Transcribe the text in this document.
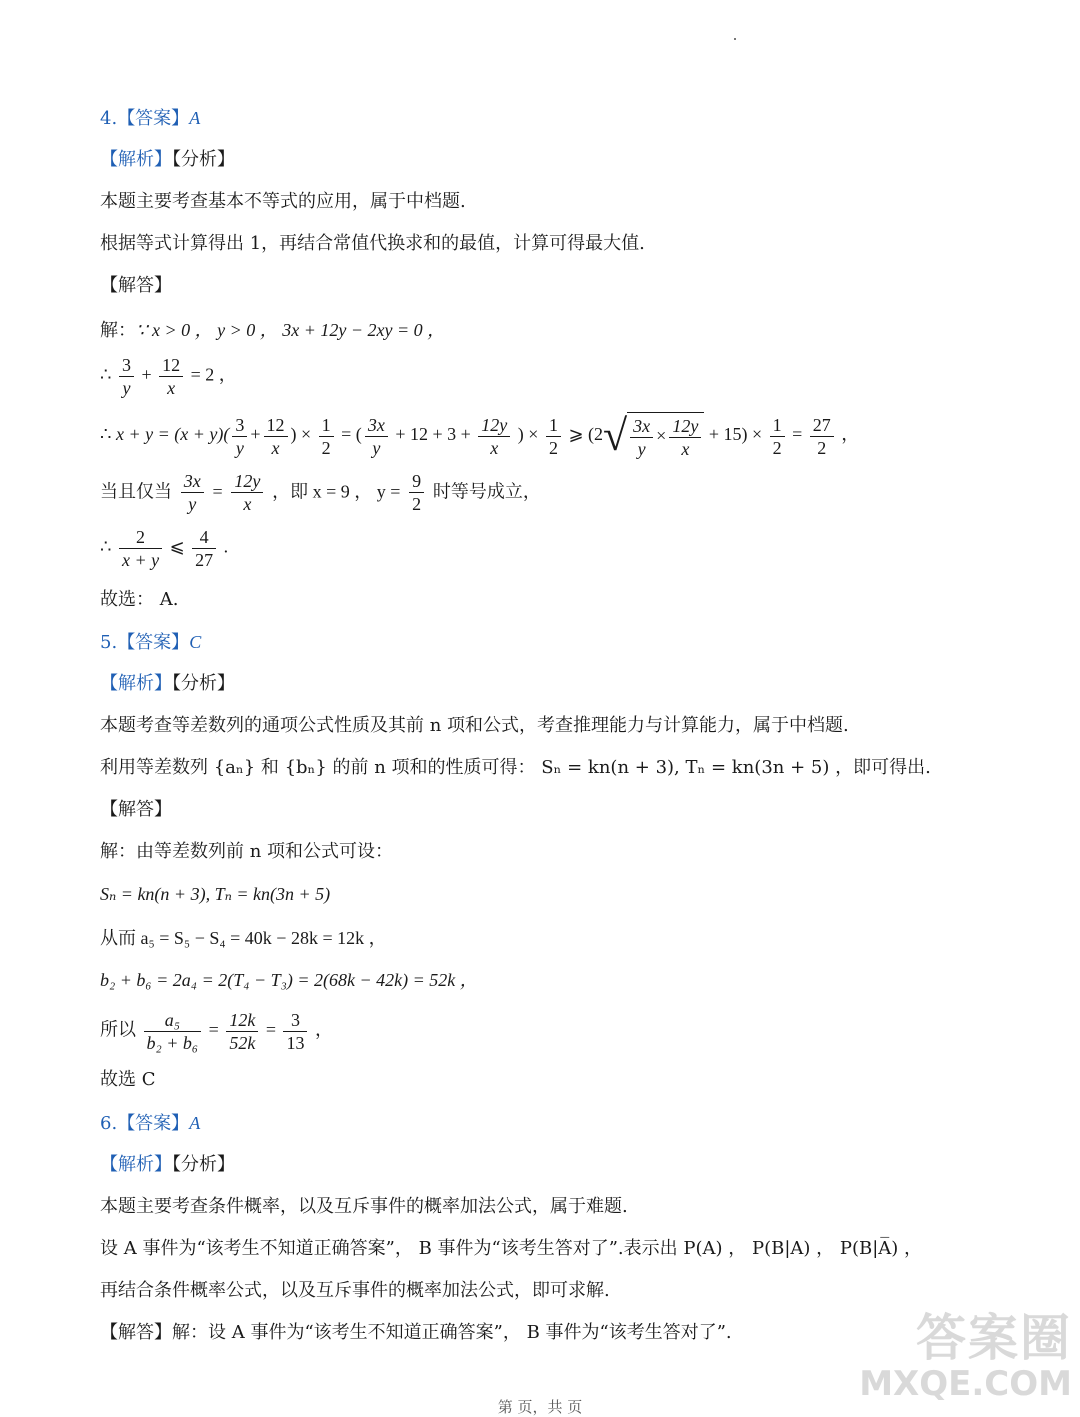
4.【答案】A
【解析】【分析】
本题主要考查基本不等式的应用，属于中档题.
根据等式计算得出 1，再结合常值代换求和的最值，计算可得最大值.
【解答】
解：∵ x > 0 ， y > 0 ， 3x + 12y − 2xy = 0 ，
∴ $\frac{3}{y} + \frac{12}{x} = 2$ ，
∴ $x + y = (x + y)( \frac{3}{y} + \frac{12}{x}$ ) × $\frac{1}{2}$ = ( $\frac{3x}{y} + 12 + 3 + \frac{12y}{x}$ ) × $\frac{1}{2}$ ⩾ $(2√ \frac{3x}{y} \times \frac{12y}{x} + 15) \times \frac{1}{2} = \frac{27}{2}$ ，
当且仅当 $\frac{3x}{y} = \frac{12y}{x}$ ，即 x = 9 ， $y = \frac{9}{2}$ 时等号成立，
∴ $\frac{2}{x + y}$ ⩽ $\frac{4}{27}$ .
故选： A.
5.【答案】C
【解析】【分析】
本题考查等差数列的通项公式性质及其前 n 项和公式，考查推理能力与计算能力，属于中档题.
利用等差数列 {aₙ} 和 {bₙ} 的前 n 项和的性质可得： Sₙ = kn(n + 3), Tₙ = kn(3n + 5) ，即可得出.
【解答】
解：由等差数列前 n 项和公式可设：
Sₙ = kn(n + 3), Tₙ = kn(3n + 5)
从而 a₅ = S₅ − S₄ = 40k − 28k = 12k ，
b₂ + b₆ = 2a₄ = 2(T₄ − T₃) = 2(68k − 42k) = 52k ，
所以 $\frac{\text{a₅}}{\text{b₂ + b₆}} = \frac{12k}{52k} = \frac{3}{13}$ ，
故选 C
6.【答案】A
【解析】【分析】
本题主要考查条件概率，以及互斥事件的概率加法公式，属于难题.
设 A 事件为“该考生不知道正确答案”， B 事件为“该考生答对了”.表示出 P(A) ， P(B|A) ， P(B|A̅) ，
再结合条件概率公式，以及互斥事件的概率加法公式，即可求解.
【解答】解：设 A 事件为“该考生不知道正确答案”， B 事件为“该考生答对了”.	答案圈
MXQE.COM
第 页，共 页
